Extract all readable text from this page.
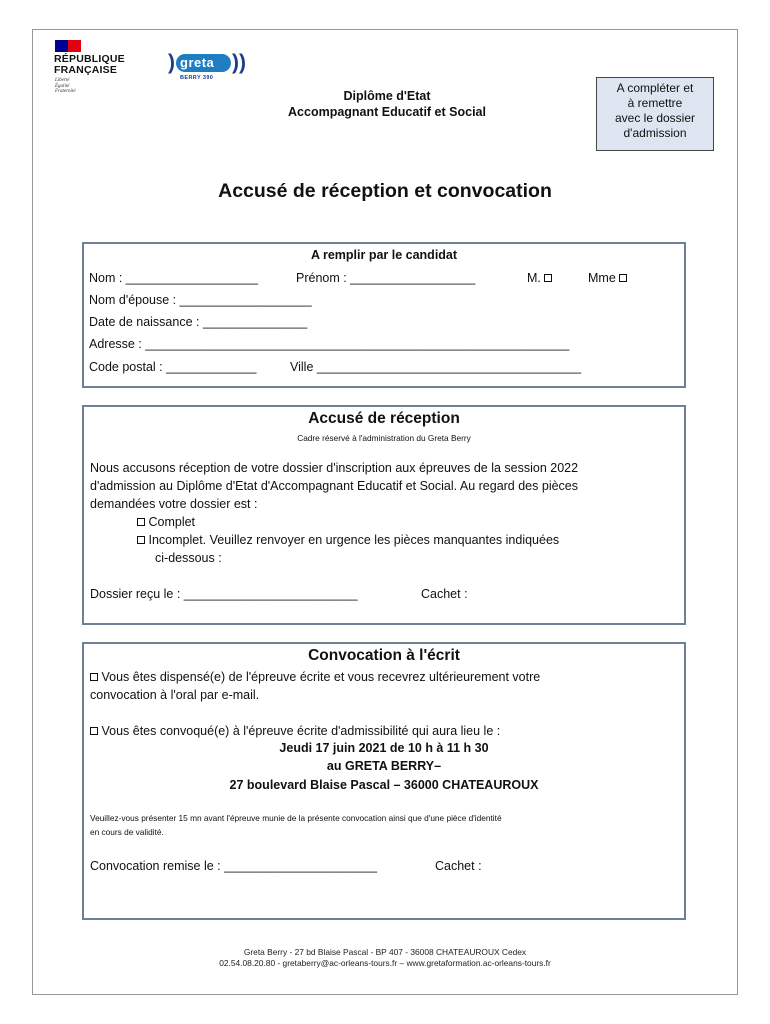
RÉPUBLIQUE
FRANÇAISE
Liberté
Égalité
Fraternité
) greta ))
BERRY 390
Diplôme d'Etat
Accompagnant Educatif et Social
A compléter et
à remettre
avec le dossier
d'admission
Accusé de réception et convocation
A remplir par le candidat
Nom : ___________________	Prénom : __________________	M.	Mme
Nom d'épouse : ___________________
Date de naissance : _______________
Adresse : _____________________________________________________________
Code postal : _____________	Ville ______________________________________
Accusé de réception
Cadre réservé à l'administration du Greta Berry
Nous accusons réception de votre dossier d'inscription aux épreuves de la session 2022
d'admission au Diplôme d'Etat d'Accompagnant Educatif et Social. Au regard des pièces
demandées votre dossier est :
Complet
Incomplet. Veuillez renvoyer en urgence les pièces manquantes indiquées
ci-dessous :
Dossier reçu le : _________________________	Cachet :
Convocation à l'écrit
Vous êtes dispensé(e) de l'épreuve écrite et vous recevrez ultérieurement votre
convocation à l'oral par e-mail.
Vous êtes convoqué(e) à l'épreuve écrite d'admissibilité qui aura lieu le :
Jeudi 17 juin 2021 de 10 h à 11 h 30
au GRETA BERRY–
27 boulevard Blaise Pascal – 36000 CHATEAUROUX
Veuillez-vous présenter 15 mn avant l'épreuve munie de la présente convocation ainsi que d'une pièce d'identité
en cours de validité.
Convocation remise le : ______________________	Cachet :
Greta Berry - 27 bd Blaise Pascal - BP 407 - 36008 CHATEAUROUX Cedex
02.54.08.20.80 - gretaberry@ac-orleans-tours.fr – www.gretaformation.ac-orleans-tours.fr
